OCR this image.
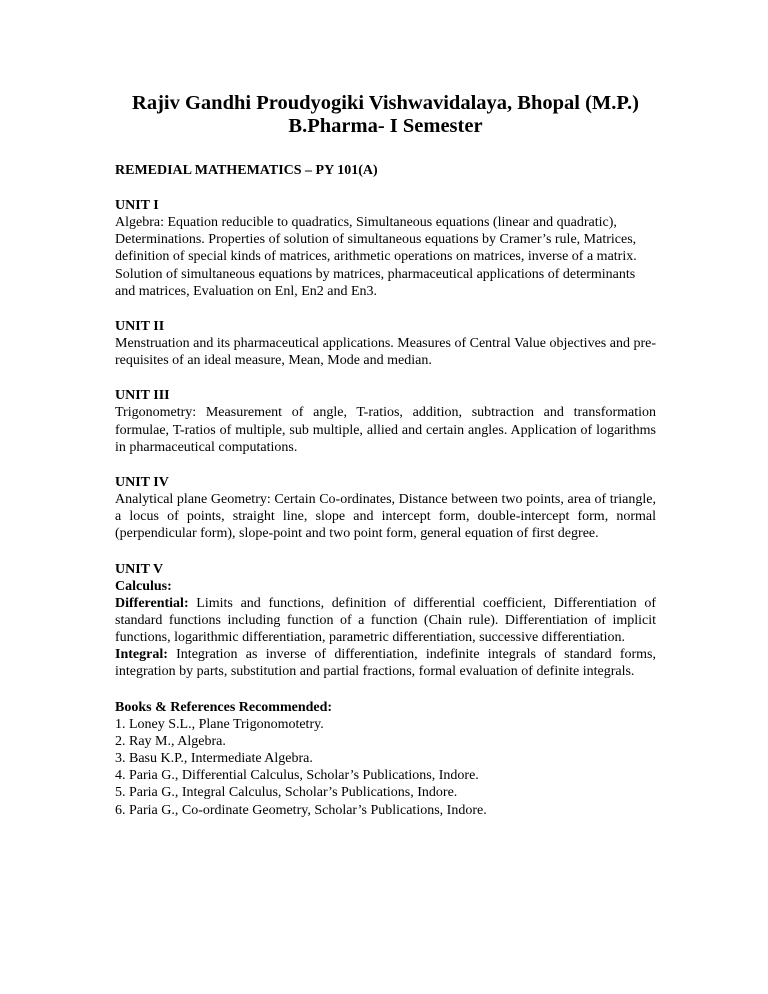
Rajiv Gandhi Proudyogiki Vishwavidalaya, Bhopal (M.P.)

B.Pharma- I Semester

REMEDIAL MATHEMATICS – PY 101(A)

UNIT I

Algebra: Equation reducible to quadratics, Simultaneous equations (linear and quadratic), Determinations. Properties of solution of simultaneous equations by Cramer’s rule, Matrices, definition of special kinds of matrices, arithmetic operations on matrices, inverse of a matrix. Solution of simultaneous equations by matrices, pharmaceutical applications of determinants and matrices, Evaluation on Enl, En2 and En3.

UNIT II

Menstruation and its pharmaceutical applications. Measures of Central Value objectives and pre-requisites of an ideal measure, Mean, Mode and median.

UNIT III

Trigonometry: Measurement of angle, T-ratios, addition, subtraction and transformation formulae, T-ratios of multiple, sub multiple, allied and certain angles. Application of logarithms in pharmaceutical computations.

UNIT IV

Analytical plane Geometry: Certain Co-ordinates, Distance between two points, area of triangle, a locus of points, straight line, slope and intercept form, double-intercept form, normal (perpendicular form), slope-point and two point form, general equation of first degree.

UNIT V

Calculus:

Differential: Limits and functions, definition of differential coefficient, Differentiation of standard functions including function of a function (Chain rule). Differentiation of implicit functions, logarithmic differentiation, parametric differentiation, successive differentiation.

Integral: Integration as inverse of differentiation, indefinite integrals of standard forms, integration by parts, substitution and partial fractions, formal evaluation of definite integrals.

Books & References Recommended:

1. Loney S.L., Plane Trigonomotetry.

2. Ray M., Algebra.

3. Basu K.P., Intermediate Algebra.

4. Paria G., Differential Calculus, Scholar’s Publications, Indore.

5. Paria G., Integral Calculus, Scholar’s Publications, Indore.

6. Paria G., Co-ordinate Geometry, Scholar’s Publications, Indore.
